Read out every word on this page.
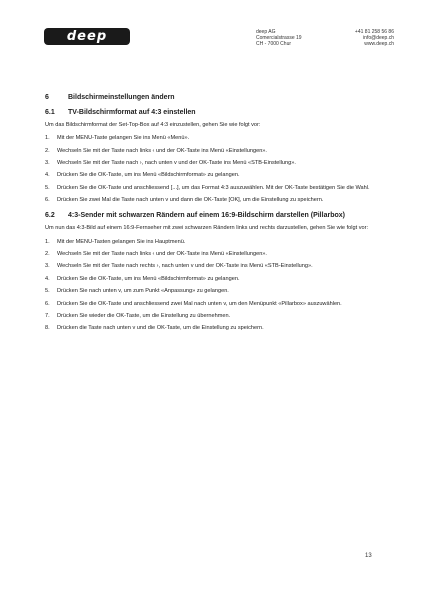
deep	deep AG
Comercialstrasse 19
CH - 7000 Chur
+41 81 258 56 86
info@deep.ch
www.deep.ch
6	Bildschirmeinstellungen ändern
6.1	TV-Bildschirmformat auf 4:3 einstellen

Um das Bildschirmformat der Set-Top-Box auf 4:3 einzustellen, gehen Sie wie folgt vor:

1.	Mit der MENU-Taste gelangen Sie ins Menü «Menü».
2.	Wechseln Sie mit der Taste nach links ‹ und der OK-Taste ins Menü «Einstellungen».
3.	Wechseln Sie mit der Taste nach ›, nach unten v und der OK-Taste ins Menü «STB-Einstellung».
4.	Drücken Sie die OK-Taste, um ins Menü «Bildschirmformat» zu gelangen.
5.	Drücken Sie die OK-Taste und anschliessend [...], um das Format 4:3 auszuwählen. Mit der OK-Taste bestätigen Sie die Wahl.
6.	Drücken Sie zwei Mal die Taste nach unten v und dann die OK-Taste [OK], um die Einstellung zu speichern.
6.2	4:3-Sender mit schwarzen Rändern auf einem 16:9-Bildschirm darstellen (Pillarbox)

Um nun das 4:3-Bild auf einem 16:9-Fernseher mit zwei schwarzen Rändern links und rechts darzustellen, gehen Sie wie folgt vor:

1.	Mit der MENU-Tasten gelangen Sie ins Hauptmenü.
2.	Wechseln Sie mit der Taste nach links ‹ und der OK-Taste ins Menü «Einstellungen».
3.	Wechseln Sie mit der Taste nach rechts ›, nach unten v und der OK-Taste ins Menü «STB-Einstellung».
4.	Drücken Sie die OK-Taste, um ins Menü «Bildschirmformat» zu gelangen.
5.	Drücken Sie nach unten v, um zum Punkt «Anpassung» zu gelangen.
6.	Drücken Sie die OK-Taste und anschliessend zwei Mal nach unten v, um den Menüpunkt «Pillarbox» auszuwählen.
7.	Drücken Sie wieder die OK-Taste, um die Einstellung zu übernehmen.
8.	Drücken die Taste nach unten v und die OK-Taste, um die Einstellung zu speichern.
13
